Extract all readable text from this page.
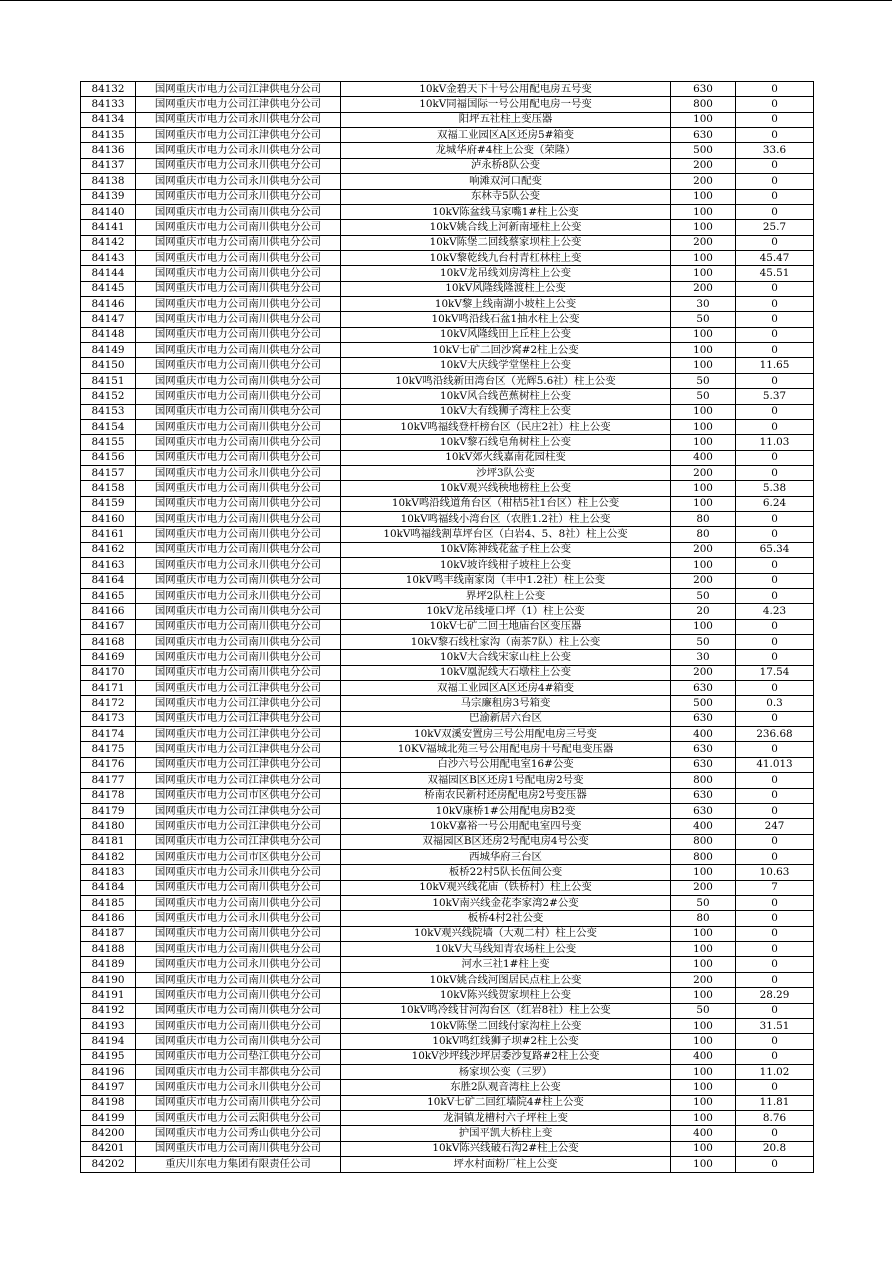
84132	国网重庆市电力公司江津供电分公司	10kV金碧天下十号公用配电房五号变	630	0
84133	国网重庆市电力公司江津供电分公司	10kV同福国际一号公用配电房一号变	800	0
84134	国网重庆市电力公司永川供电分公司	阳坪五社柱上变压器	100	0
84135	国网重庆市电力公司江津供电分公司	双福工业园区A区还房5#箱变	630	0
84136	国网重庆市电力公司永川供电分公司	龙城华府#4柱上公变（荣隆）	500	33.6
84137	国网重庆市电力公司永川供电分公司	泸永桥8队公变	200	0
84138	国网重庆市电力公司永川供电分公司	响滩双河口配变	200	0
84139	国网重庆市电力公司永川供电分公司	东林寺5队公变	100	0
84140	国网重庆市电力公司南川供电分公司	10kV陈盆线马家嘴1#柱上公变	100	0
84141	国网重庆市电力公司南川供电分公司	10kV姚合线上河新南垭柱上公变	100	25.7
84142	国网重庆市电力公司南川供电分公司	10kV陈堡二回线蔡家坝柱上公变	200	0
84143	国网重庆市电力公司南川供电分公司	10kV黎乾线九台村青杠林柱上变	100	45.47
84144	国网重庆市电力公司南川供电分公司	10kV龙吊线刘房湾柱上公变	100	45.51
84145	国网重庆市电力公司南川供电分公司	10kV风隆线隆渡柱上公变	200	0
84146	国网重庆市电力公司南川供电分公司	10kV黎上线南湖小坡柱上公变	30	0
84147	国网重庆市电力公司南川供电分公司	10kV鸣沿线石盆1抽水柱上公变	50	0
84148	国网重庆市电力公司南川供电分公司	10kV风隆线田上丘柱上公变	100	0
84149	国网重庆市电力公司南川供电分公司	10kV七矿二回沙窝#2柱上公变	100	0
84150	国网重庆市电力公司南川供电分公司	10kV大庆线学堂堡柱上公变	100	11.65
84151	国网重庆市电力公司南川供电分公司	10kV鸣沿线新田湾台区（光辉5.6社）柱上公变	50	0
84152	国网重庆市电力公司南川供电分公司	10kV风合线芭蕉树柱上公变	50	5.37
84153	国网重庆市电力公司南川供电分公司	10kV大有线狮子湾柱上公变	100	0
84154	国网重庆市电力公司南川供电分公司	10kV鸣福线登杆榜台区（民庄2社）柱上公变	100	0
84155	国网重庆市电力公司南川供电分公司	10kV黎石线皂角树柱上公变	100	11.03
84156	国网重庆市电力公司南川供电分公司	10kV郊火线嘉南花园柱变	400	0
84157	国网重庆市电力公司永川供电分公司	沙坪3队公变	200	0
84158	国网重庆市电力公司南川供电分公司	10kV观兴线秧地榜柱上公变	100	5.38
84159	国网重庆市电力公司南川供电分公司	10kV鸣沿线道角台区（柑桔5社1台区）柱上公变	100	6.24
84160	国网重庆市电力公司南川供电分公司	10kV鸣福线小湾台区（农胜1.2社）柱上公变	80	0
84161	国网重庆市电力公司南川供电分公司	10kV鸣福线割草坪台区（白岩4、5、8社）柱上公变	80	0
84162	国网重庆市电力公司南川供电分公司	10kV陈神线花盆子柱上公变	200	65.34
84163	国网重庆市电力公司永川供电分公司	10kV坡许线柑子坡柱上公变	100	0
84164	国网重庆市电力公司南川供电分公司	10kV鸣丰线南家岗（丰中1.2社）柱上公变	200	0
84165	国网重庆市电力公司永川供电分公司	界坪2队柱上公变	50	0
84166	国网重庆市电力公司南川供电分公司	10kV龙吊线垭口坪（1）柱上公变	20	4.23
84167	国网重庆市电力公司南川供电分公司	10kV七矿二回土地庙台区变压器	100	0
84168	国网重庆市电力公司南川供电分公司	10kV黎石线杜家沟（南茶7队）柱上公变	50	0
84169	国网重庆市电力公司南川供电分公司	10kV大合线宋家山柱上公变	30	0
84170	国网重庆市电力公司南川供电分公司	10kV凰泥线大石墩柱上公变	200	17.54
84171	国网重庆市电力公司江津供电分公司	双福工业园区A区还房4#箱变	630	0
84172	国网重庆市电力公司江津供电分公司	马宗廉租房3号箱变	500	0.3
84173	国网重庆市电力公司江津供电分公司	巴渝新居六台区	630	0
84174	国网重庆市电力公司江津供电分公司	10kV双溪安置房三号公用配电房三号变	400	236.68
84175	国网重庆市电力公司江津供电分公司	10KV福城北苑三号公用配电房十号配电变压器	630	0
84176	国网重庆市电力公司江津供电分公司	白沙六号公用配电室16#公变	630	41.013
84177	国网重庆市电力公司江津供电分公司	双福园区B区还房1号配电房2号变	800	0
84178	国网重庆市电力公司市区供电分公司	桥南农民新村还房配电房2号变压器	630	0
84179	国网重庆市电力公司江津供电分公司	10kV康桥1#公用配电房B2变	630	0
84180	国网重庆市电力公司江津供电分公司	10kV嘉裕一号公用配电室四号变	400	247
84181	国网重庆市电力公司江津供电分公司	双福园区B区还房2号配电房4号公变	800	0
84182	国网重庆市电力公司市区供电分公司	西城华府三台区	800	0
84183	国网重庆市电力公司永川供电分公司	板桥22村5队长伍间公变	100	10.63
84184	国网重庆市电力公司南川供电分公司	10kV观兴线花庙（铁桥村）柱上公变	200	7
84185	国网重庆市电力公司南川供电分公司	10kV南兴线金花李家湾2#公变	50	0
84186	国网重庆市电力公司永川供电分公司	板桥4村2社公变	80	0
84187	国网重庆市电力公司南川供电分公司	10kV观兴线院墙（大观二村）柱上公变	100	0
84188	国网重庆市电力公司南川供电分公司	10kV大马线知青农场柱上公变	100	0
84189	国网重庆市电力公司永川供电分公司	河水三社1#柱上变	100	0
84190	国网重庆市电力公司南川供电分公司	10kV姚合线河图居民点柱上公变	200	0
84191	国网重庆市电力公司南川供电分公司	10kV陈兴线贺家坝柱上公变	100	28.29
84192	国网重庆市电力公司南川供电分公司	10kV鸣冷线甘河沟台区（红岩8社）柱上公变	50	0
84193	国网重庆市电力公司南川供电分公司	10kV陈堡二回线付家沟柱上公变	100	31.51
84194	国网重庆市电力公司南川供电分公司	10kV鸣红线狮子坝#2柱上公变	100	0
84195	国网重庆市电力公司垫江供电分公司	10kV沙坪线沙坪居委沙复路#2柱上公变	400	0
84196	国网重庆市电力公司丰都供电分公司	杨家坝公变（三罗）	100	11.02
84197	国网重庆市电力公司永川供电分公司	东胜2队观音湾柱上公变	100	0
84198	国网重庆市电力公司南川供电分公司	10kV七矿二回红墙院4#柱上公变	100	11.81
84199	国网重庆市电力公司云阳供电分公司	龙洞镇龙槽村六子坪柱上变	100	8.76
84200	国网重庆市电力公司秀山供电分公司	护国平凯大桥柱上变	400	0
84201	国网重庆市电力公司南川供电分公司	10kV陈兴线破石沟2#柱上公变	100	20.8
84202	重庆川东电力集团有限责任公司	坪水村面粉厂柱上公变	100	0
